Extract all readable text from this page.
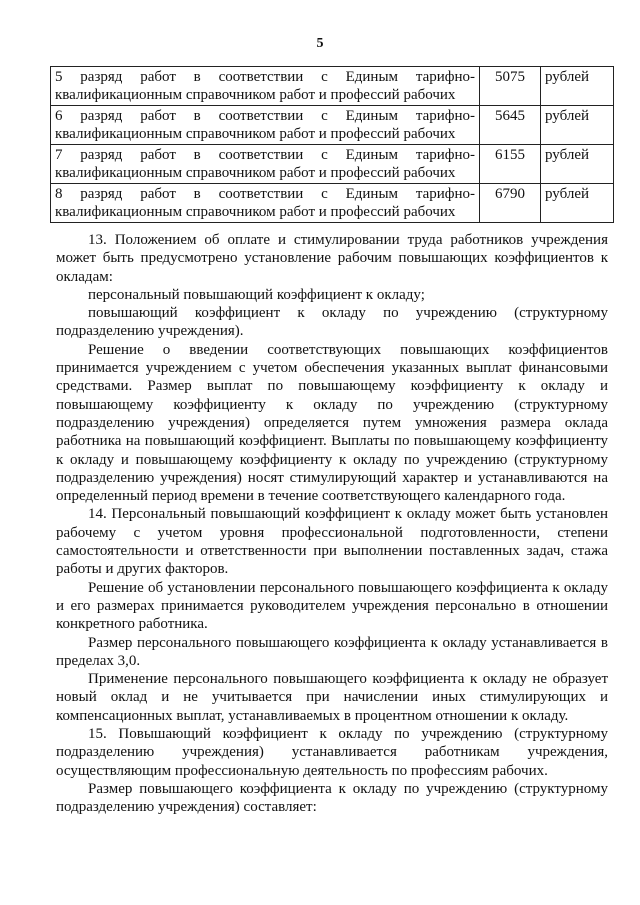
5
5 разряд работ в соответствии с Единым тарифно-
квалификационным справочником работ и профессий рабочих	5075	рублей
6 разряд работ в соответствии с Единым тарифно-
квалификационным справочником работ и профессий рабочих	5645	рублей
7 разряд работ в соответствии с Единым тарифно-
квалификационным справочником работ и профессий рабочих	6155	рублей
8 разряд работ в соответствии с Единым тарифно-
квалификационным справочником работ и профессий рабочих	6790	рублей

13. Положением об оплате и стимулировании труда работников учреждения может быть предусмотрено установление рабочим повышающих коэффициентов к окладам:

персональный повышающий коэффициент к окладу;

повышающий коэффициент к окладу по учреждению (структурному подразделению учреждения).

Решение о введении соответствующих повышающих коэффициентов принимается учреждением с учетом обеспечения указанных выплат финансовыми средствами. Размер выплат по повышающему коэффициенту к окладу и повышающему коэффициенту к окладу по учреждению (структурному подразделению учреждения) определяется путем умножения размера оклада работника на повышающий коэффициент. Выплаты по повышающему коэффициенту к окладу и повышающему коэффициенту к окладу по учреждению (структурному подразделению учреждения) носят стимулирующий характер и устанавливаются на определенный период времени в течение соответствующего календарного года.

14. Персональный повышающий коэффициент к окладу может быть установлен рабочему с учетом уровня профессиональной подготовленности, степени самостоятельности и ответственности при выполнении поставленных задач, стажа работы и других факторов.

Решение об установлении персонального повышающего коэффициента к окладу и его размерах принимается руководителем учреждения персонально в отношении конкретного работника.

Размер персонального повышающего коэффициента к окладу устанавливается в пределах 3,0.

Применение персонального повышающего коэффициента к окладу не образует новый оклад и не учитывается при начислении иных стимулирующих и компенсационных выплат, устанавливаемых в процентном отношении к окладу.

15. Повышающий коэффициент к окладу по учреждению (структурному подразделению учреждения) устанавливается работникам учреждения, осуществляющим профессиональную деятельность по профессиям рабочих.

Размер повышающего коэффициента к окладу по учреждению (структурному подразделению учреждения) составляет:
